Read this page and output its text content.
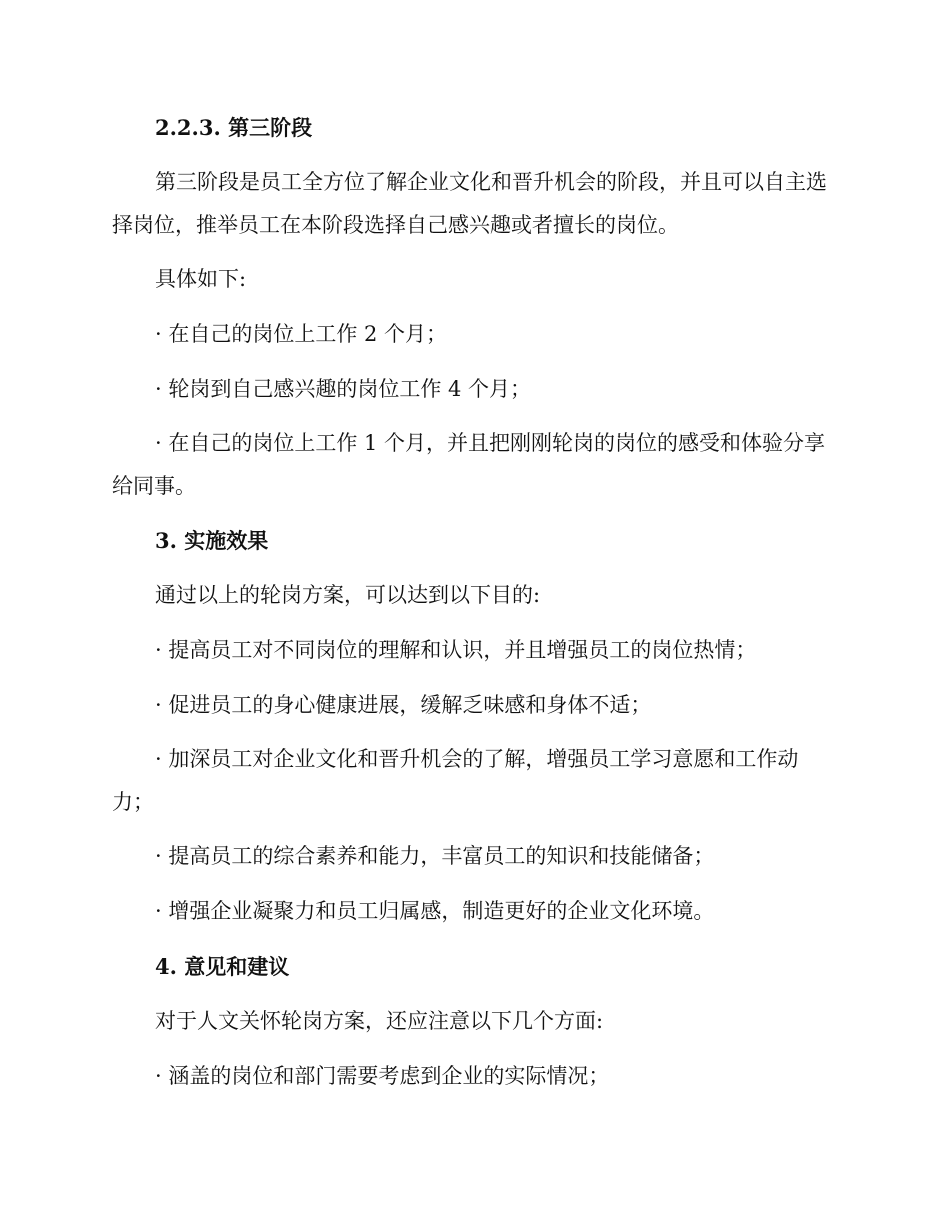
2.2.3. 第三阶段
第三阶段是员工全方位了解企业文化和晋升机会的阶段，并且可以自主选择岗位，推举员工在本阶段选择自己感兴趣或者擅长的岗位。
具体如下:
· 在自己的岗位上工作 2 个月；
· 轮岗到自己感兴趣的岗位工作 4 个月；
· 在自己的岗位上工作 1 个月，并且把刚刚轮岗的岗位的感受和体验分享给同事。
3. 实施效果
通过以上的轮岗方案，可以达到以下目的:
· 提高员工对不同岗位的理解和认识，并且增强员工的岗位热情；
· 促进员工的身心健康进展，缓解乏味感和身体不适；
· 加深员工对企业文化和晋升机会的了解，增强员工学习意愿和工作动力；
· 提高员工的综合素养和能力，丰富员工的知识和技能储备；
· 增强企业凝聚力和员工归属感，制造更好的企业文化环境。
4. 意见和建议
对于人文关怀轮岗方案，还应注意以下几个方面:
· 涵盖的岗位和部门需要考虑到企业的实际情况；
